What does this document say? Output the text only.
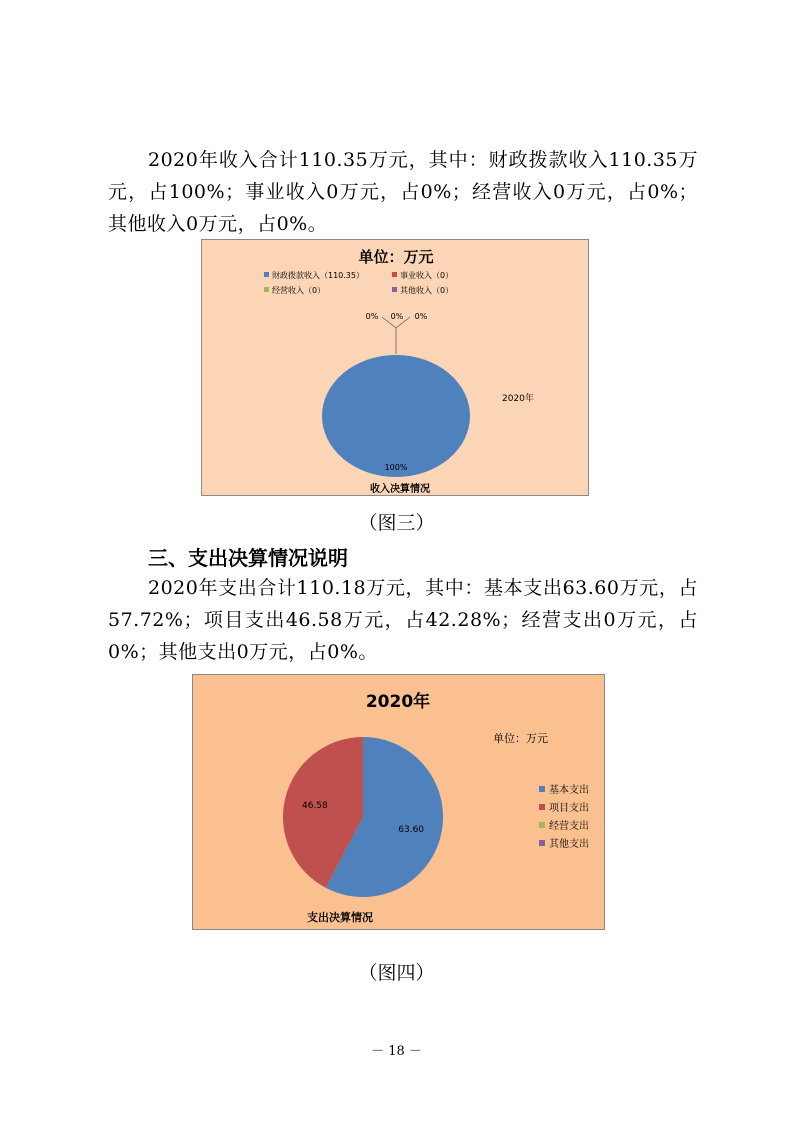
2020年收入合计110.35万元，其中：财政拨款收入110.35万元，占100%；事业收入0万元，占0%；经营收入0万元，占0%；其他收入0万元，占0%。
单位：万元
财政拨款收入（110.35）	事业收入（0）
经营收入（0）	其他收入（0）
100%
0% 0% 0%
2020年
收入决算情况
（图三）
三、支出决算情况说明
2020年支出合计110.18万元，其中：基本支出63.60万元，占57.72%；项目支出46.58万元，占42.28%；经营支出0万元，占0%；其他支出0万元，占0%。
2020年
单位：万元
基本支出
项目支出
经营支出
其他支出
63.60
46.58
支出决算情况
（图四）
－ 18 －
